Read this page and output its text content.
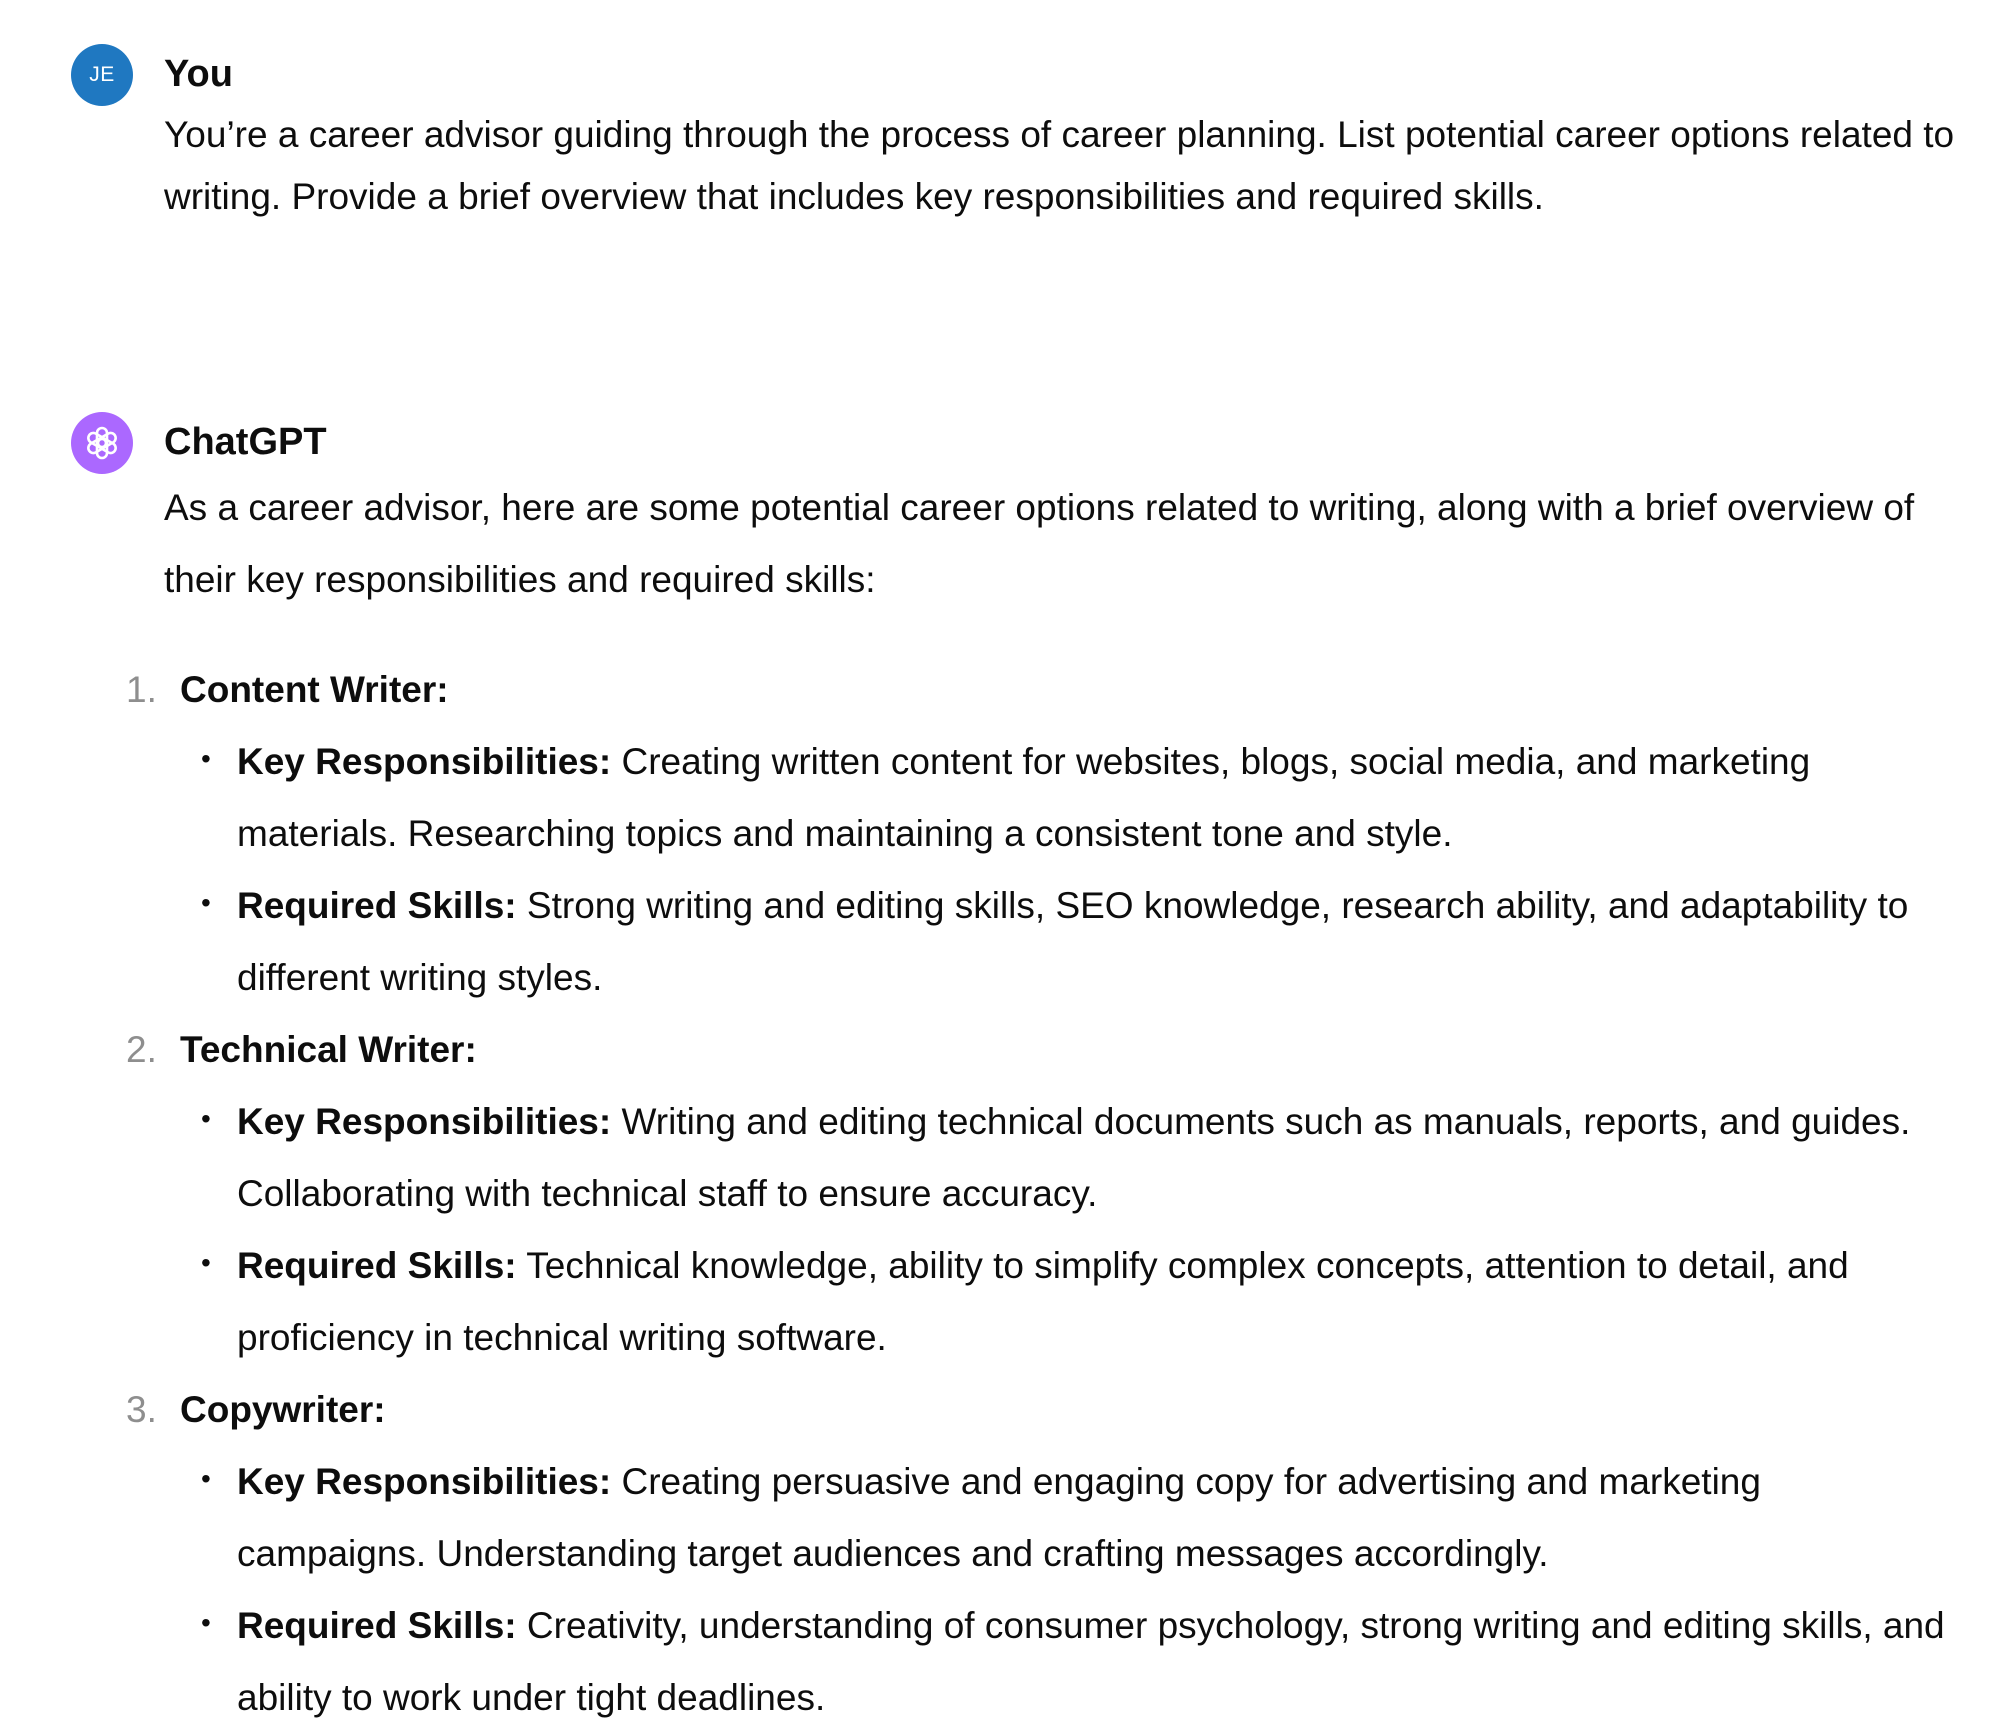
JE You

You’re a career advisor guiding through the process of career planning. List potential career options related to writing. Provide a brief overview that includes key responsibilities and required skills.

ChatGPT

As a career advisor, here are some potential career options related to writing, along with a brief overview of their key responsibilities and required skills:

1. Content Writer:
• Key Responsibilities: Creating written content for websites, blogs, social media, and marketing materials. Researching topics and maintaining a consistent tone and style.
• Required Skills: Strong writing and editing skills, SEO knowledge, research ability, and adaptability to different writing styles.
2. Technical Writer:
• Key Responsibilities: Writing and editing technical documents such as manuals, reports, and guides. Collaborating with technical staff to ensure accuracy.
• Required Skills: Technical knowledge, ability to simplify complex concepts, attention to detail, and proficiency in technical writing software.
3. Copywriter:
• Key Responsibilities: Creating persuasive and engaging copy for advertising and marketing campaigns. Understanding target audiences and crafting messages accordingly.
• Required Skills: Creativity, understanding of consumer psychology, strong writing and editing skills, and ability to work under tight deadlines.
